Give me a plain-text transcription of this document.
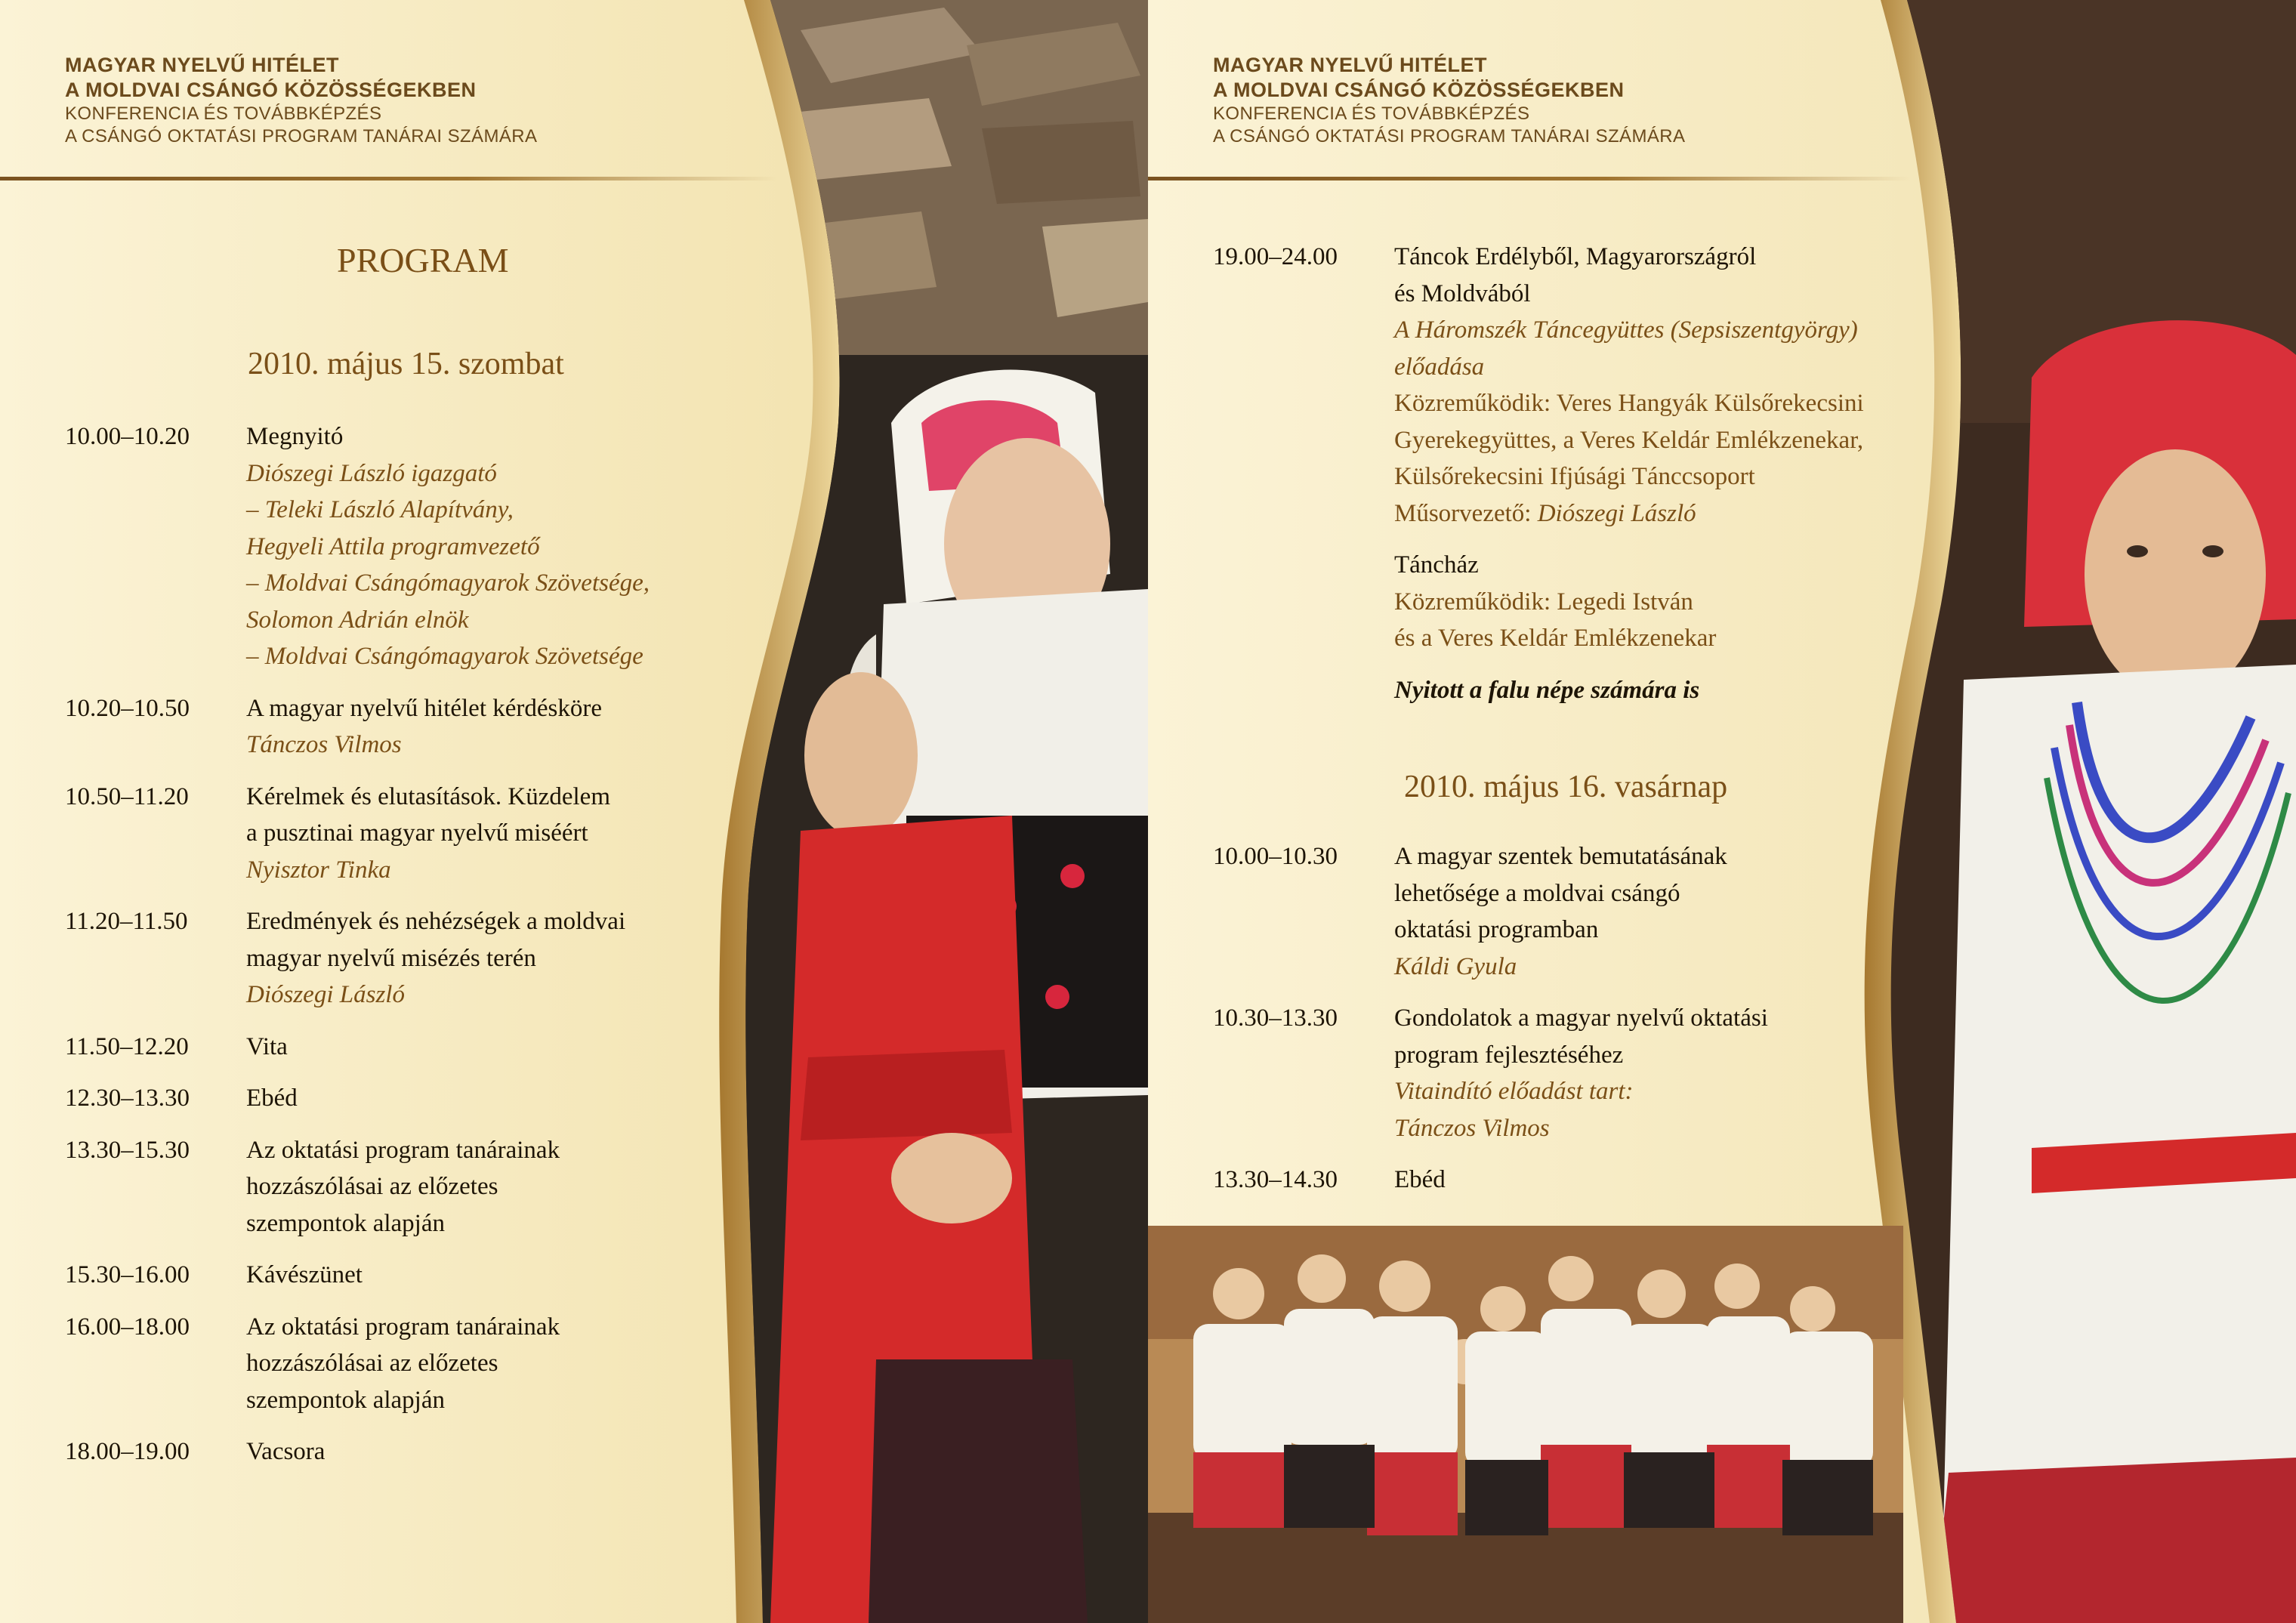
MAGYAR NYELVŰ HITÉLET
A MOLDVAI CSÁNGÓ KÖZÖSSÉGEKBEN
KONFERENCIA ÉS TOVÁBBKÉPZÉS
A CSÁNGÓ OKTATÁSI PROGRAM TANÁRAI SZÁMÁRA
PROGRAM
2010. május 15. szombat
10.00–10.20	Megnyitó
Diószegi László igazgató
– Teleki László Alapítvány,
Hegyeli Attila programvezető
– Moldvai Csángómagyarok Szövetsége,
Solomon Adrián elnök
– Moldvai Csángómagyarok Szövetsége
10.20–10.50	A magyar nyelvű hitélet kérdésköre
Tánczos Vilmos
10.50–11.20	Kérelmek és elutasítások. Küzdelem
a pusztinai magyar nyelvű miséért
Nyisztor Tinka
11.20–11.50	Eredmények és nehézségek a moldvai
magyar nyelvű misézés terén
Diószegi László
11.50–12.20	Vita
12.30–13.30	Ebéd
13.30–15.30	Az oktatási program tanárainak
hozzászólásai az előzetes
szempontok alapján
15.30–16.00	Kávészünet
16.00–18.00	Az oktatási program tanárainak
hozzászólásai az előzetes
szempontok alapján
18.00–19.00	Vacsora
MAGYAR NYELVŰ HITÉLET
A MOLDVAI CSÁNGÓ KÖZÖSSÉGEKBEN
KONFERENCIA ÉS TOVÁBBKÉPZÉS
A CSÁNGÓ OKTATÁSI PROGRAM TANÁRAI SZÁMÁRA
19.00–24.00	Táncok Erdélyből, Magyarországról
és Moldvából
A Háromszék Táncegyüttes (Sepsiszentgyörgy)
előadása
Közreműködik: Veres Hangyák Külsőrekecsini
Gyerekegyüttes, a Veres Keldár Emlékzenekar,
Külsőrekecsini Ifjúsági Tánccsoport
Műsorvezető: Diószegi László
Táncház
Közreműködik: Legedi István
és a Veres Keldár Emlékzenekar
Nyitott a falu népe számára is
2010. május 16. vasárnap
10.00–10.30	A magyar szentek bemutatásának
lehetősége a moldvai csángó
oktatási programban
Káldi Gyula
10.30–13.30	Gondolatok a magyar nyelvű oktatási
program fejlesztéséhez
Vitaindító előadást tart:
Tánczos Vilmos
13.30–14.30	Ebéd
